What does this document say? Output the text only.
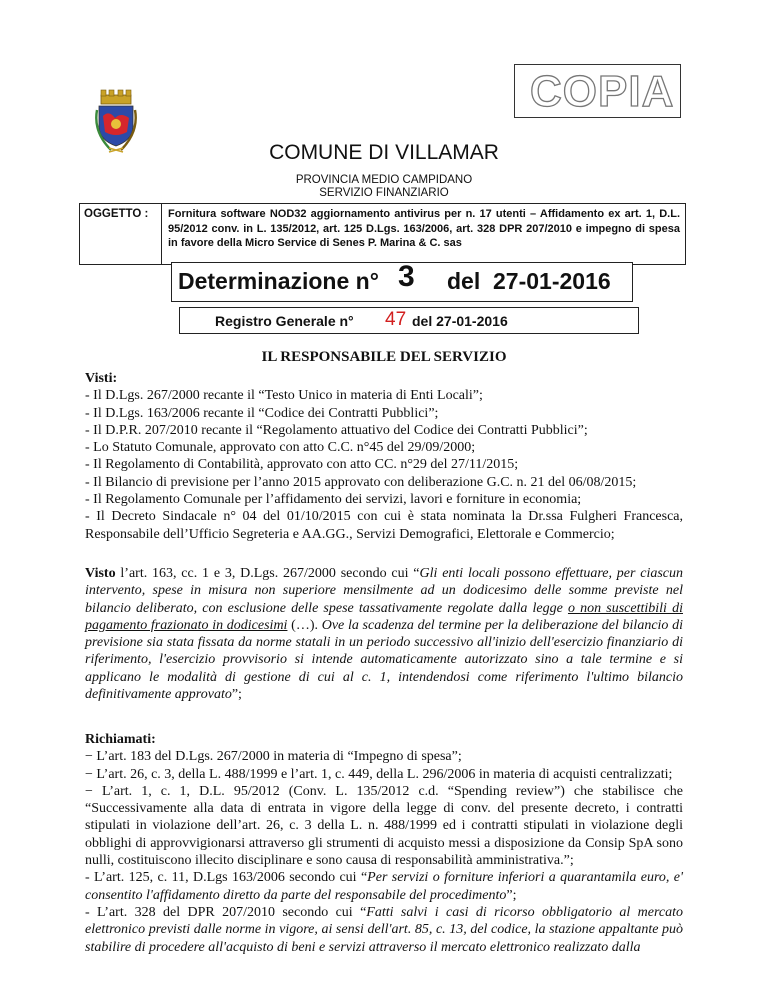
COPIA
COMUNE DI VILLAMAR
PROVINCIA MEDIO CAMPIDANO
SERVIZIO FINANZIARIO
OGGETTO : Fornitura software NOD32 aggiornamento antivirus per n. 17 utenti – Affidamento ex art. 1, D.L. 95/2012 conv. in L. 135/2012, art. 125 D.Lgs. 163/2006, art. 328 DPR 207/2010 e impegno di spesa in favore della Micro Service di Senes P. Marina & C. sas
Determinazione n° 3 del 27-01-2016
Registro Generale n° 47 del 27-01-2016
IL RESPONSABILE DEL SERVIZIO

Visti:

- Il D.Lgs. 267/2000 recante il “Testo Unico in materia di Enti Locali”;

- Il D.Lgs. 163/2006 recante il “Codice dei Contratti Pubblici”;

- Il D.P.R. 207/2010 recante il “Regolamento attuativo del Codice dei Contratti Pubblici”;

- Lo Statuto Comunale, approvato con atto C.C. n°45 del 29/09/2000;

- Il Regolamento di Contabilità, approvato con atto CC. n°29 del 27/11/2015;

- Il Bilancio di previsione per l’anno 2015 approvato con deliberazione G.C. n. 21 del 06/08/2015;

- Il Regolamento Comunale per l’affidamento dei servizi, lavori e forniture in economia;

- Il Decreto Sindacale n° 04 del 01/10/2015 con cui è stata nominata la Dr.ssa Fulgheri Francesca, Responsabile dell’Ufficio Segreteria e AA.GG., Servizi Demografici, Elettorale e Commercio;

Visto l’art. 163, cc. 1 e 3, D.Lgs. 267/2000 secondo cui “Gli enti locali possono effettuare, per ciascun intervento, spese in misura non superiore mensilmente ad un dodicesimo delle somme previste nel bilancio deliberato, con esclusione delle spese tassativamente regolate dalla legge o non suscettibili di pagamento frazionato in dodicesimi (…). Ove la scadenza del termine per la deliberazione del bilancio di previsione sia stata fissata da norme statali in un periodo successivo all'inizio dell'esercizio finanziario di riferimento, l'esercizio provvisorio si intende automaticamente autorizzato sino a tale termine e si applicano le modalità di gestione di cui al c. 1, intendendosi come riferimento l'ultimo bilancio definitivamente approvato”;

Richiamati:

− L’art. 183 del D.Lgs. 267/2000 in materia di “Impegno di spesa”;

− L’art. 26, c. 3, della L. 488/1999 e l’art. 1, c. 449, della L. 296/2006 in materia di acquisti centralizzati;

− L’art. 1, c. 1, D.L. 95/2012 (Conv. L. 135/2012 c.d. “Spending review”) che stabilisce che “Successivamente alla data di entrata in vigore della legge di conv. del presente decreto, i contratti stipulati in violazione dell’art. 26, c. 3 della L. n. 488/1999 ed i contratti stipulati in violazione degli obblighi di approvvigionarsi attraverso gli strumenti di acquisto messi a disposizione da Consip SpA sono nulli, costituiscono illecito disciplinare e sono causa di responsabilità amministrativa.”;

- L’art. 125, c. 11, D.Lgs 163/2006 secondo cui “Per servizi o forniture inferiori a quarantamila euro, e' consentito l'affidamento diretto da parte del responsabile del procedimento”;

- L’art. 328 del DPR 207/2010 secondo cui “Fatti salvi i casi di ricorso obbligatorio al mercato elettronico previsti dalle norme in vigore, ai sensi dell'art. 85, c. 13, del codice, la stazione appaltante può stabilire di procedere all'acquisto di beni e servizi attraverso il mercato elettronico realizzato dalla
